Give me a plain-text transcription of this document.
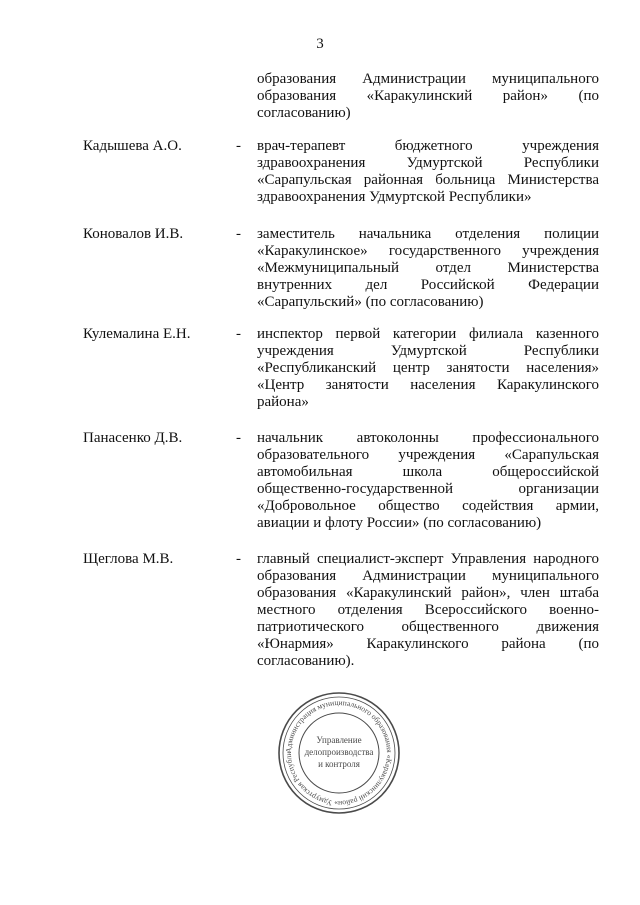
3
образования Администрации муниципального
образования «Каракулинский район» (по
согласованию)
Кадышева А.О.	- врач-терапевт бюджетного учреждения
здравоохранения Удмуртской Республики
«Сарапульская районная больница Министерства
здравоохранения Удмуртской Республики»
Коновалов И.В.	- заместитель начальника отделения полиции
«Каракулинское» государственного учреждения
«Межмуниципальный отдел Министерства
внутренних дел Российской Федерации
«Сарапульский» (по согласованию)
Кулемалина Е.Н.	- инспектор первой категории филиала казенного
учреждения Удмуртской Республики
«Республиканский центр занятости населения»
«Центр занятости населения Каракулинского
района»
Панасенко Д.В.	- начальник автоколонны профессионального
образовательного учреждения «Сарапульская
автомобильная школа общероссийской
общественно-государственной организации
«Добровольное общество содействия армии,
авиации и флоту России» (по согласованию)
Щеглова М.В.	- главный специалист-эксперт Управления народного
образования Администрации муниципального
образования «Каракулинский район», член штаба
местного отделения Всероссийского военно-
патриотического общественного движения
«Юнармия» Каракулинского района (по
согласованию).
Администрация муниципального образования «Каракулинский район» Удмуртская Республи
Управление
делопроизводства
и контроля
